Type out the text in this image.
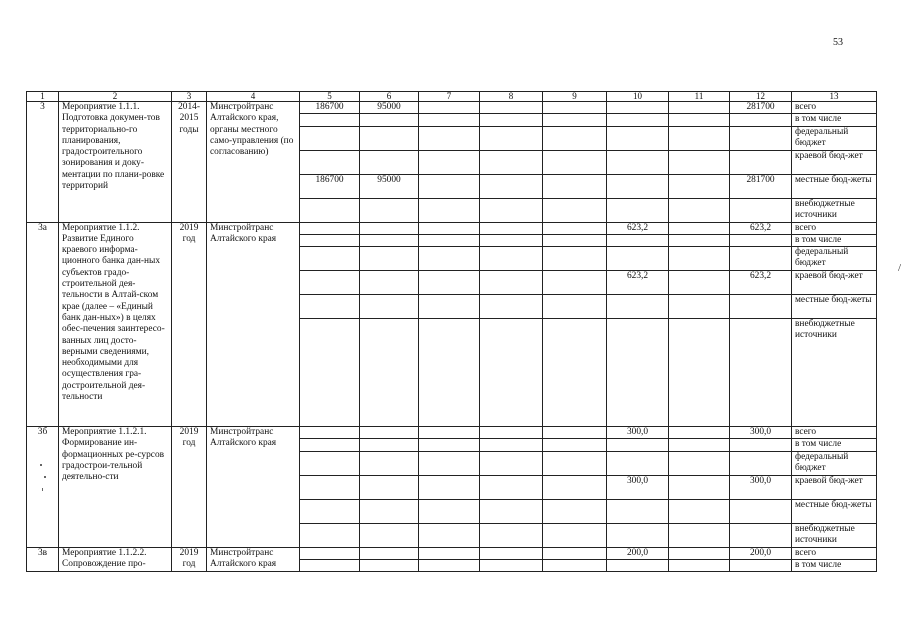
53
1	2	3	4	5	6	7	8	9	10	11	12	13
3	Мероприятие 1.1.1. Подготовка докумен-тов территориально-го планирования, градостроительного зонирования и доку-ментации по плани-ровке территорий	2014-2015 годы	Минстройтранс Алтайского края, органы местного само-управления (по согласованию)	186700	95000						281700	всего
												в том числе
												федеральный бюджет
												краевой бюд-жет
				186700	95000						281700	местные бюд-жеты
												внебюджетные источники
3а	Мероприятие 1.1.2. Развитие Единого краевого информа-ционного банка дан-ных субъектов градо-строительной дея-тельности в Алтай-ском крае (далее – «Единый банк дан-ных») в целях обес-печения заинтересо-ванных лиц досто-верными сведениями, необходимыми для осуществления гра-достроительной дея-тельности	2019 год	Минстройтранс Алтайского края						623,2		623,2	всего
												в том числе
												федеральный бюджет
									623,2		623,2	краевой бюд-жет
												местные бюд-жеты
												внебюджетные источники
3б	Мероприятие 1.1.2.1. Формирование ин-формационных ре-сурсов градострои-тельной деятельно-сти	2019 год	Минстройтранс Алтайского края						300,0		300,0	всего
												в том числе
												федеральный бюджет
									300,0		300,0	краевой бюд-жет
												местные бюд-жеты
												внебюджетные источники
3в	Мероприятие 1.1.2.2. Сопровождение про-	2019 год	Минстройтранс Алтайского края						200,0		200,0	всего
												в том числе
/
